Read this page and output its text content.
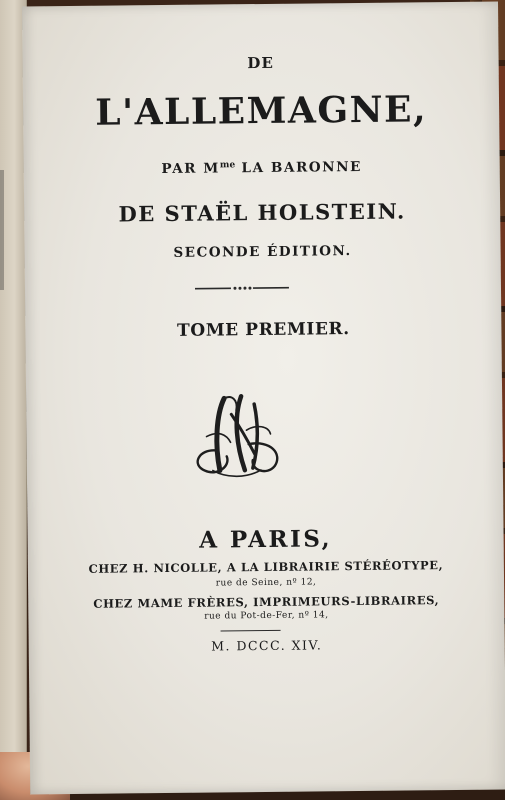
DE
L'ALLEMAGNE,
PAR $M^{me}$ LA BARONNE
DE STAËL HOLSTEIN.
SECONDE ÉDITION.
TOME PREMIER.
A PARIS,
CHEZ H. NICOLLE, A LA LIBRAIRIE STÉRÉOTYPE,
rue de Seine, nº 12,
CHEZ MAME FRÈRES, IMPRIMEURS-LIBRAIRES,
rue du Pot-de-Fer, nº 14,
M. DCCC. XIV.
